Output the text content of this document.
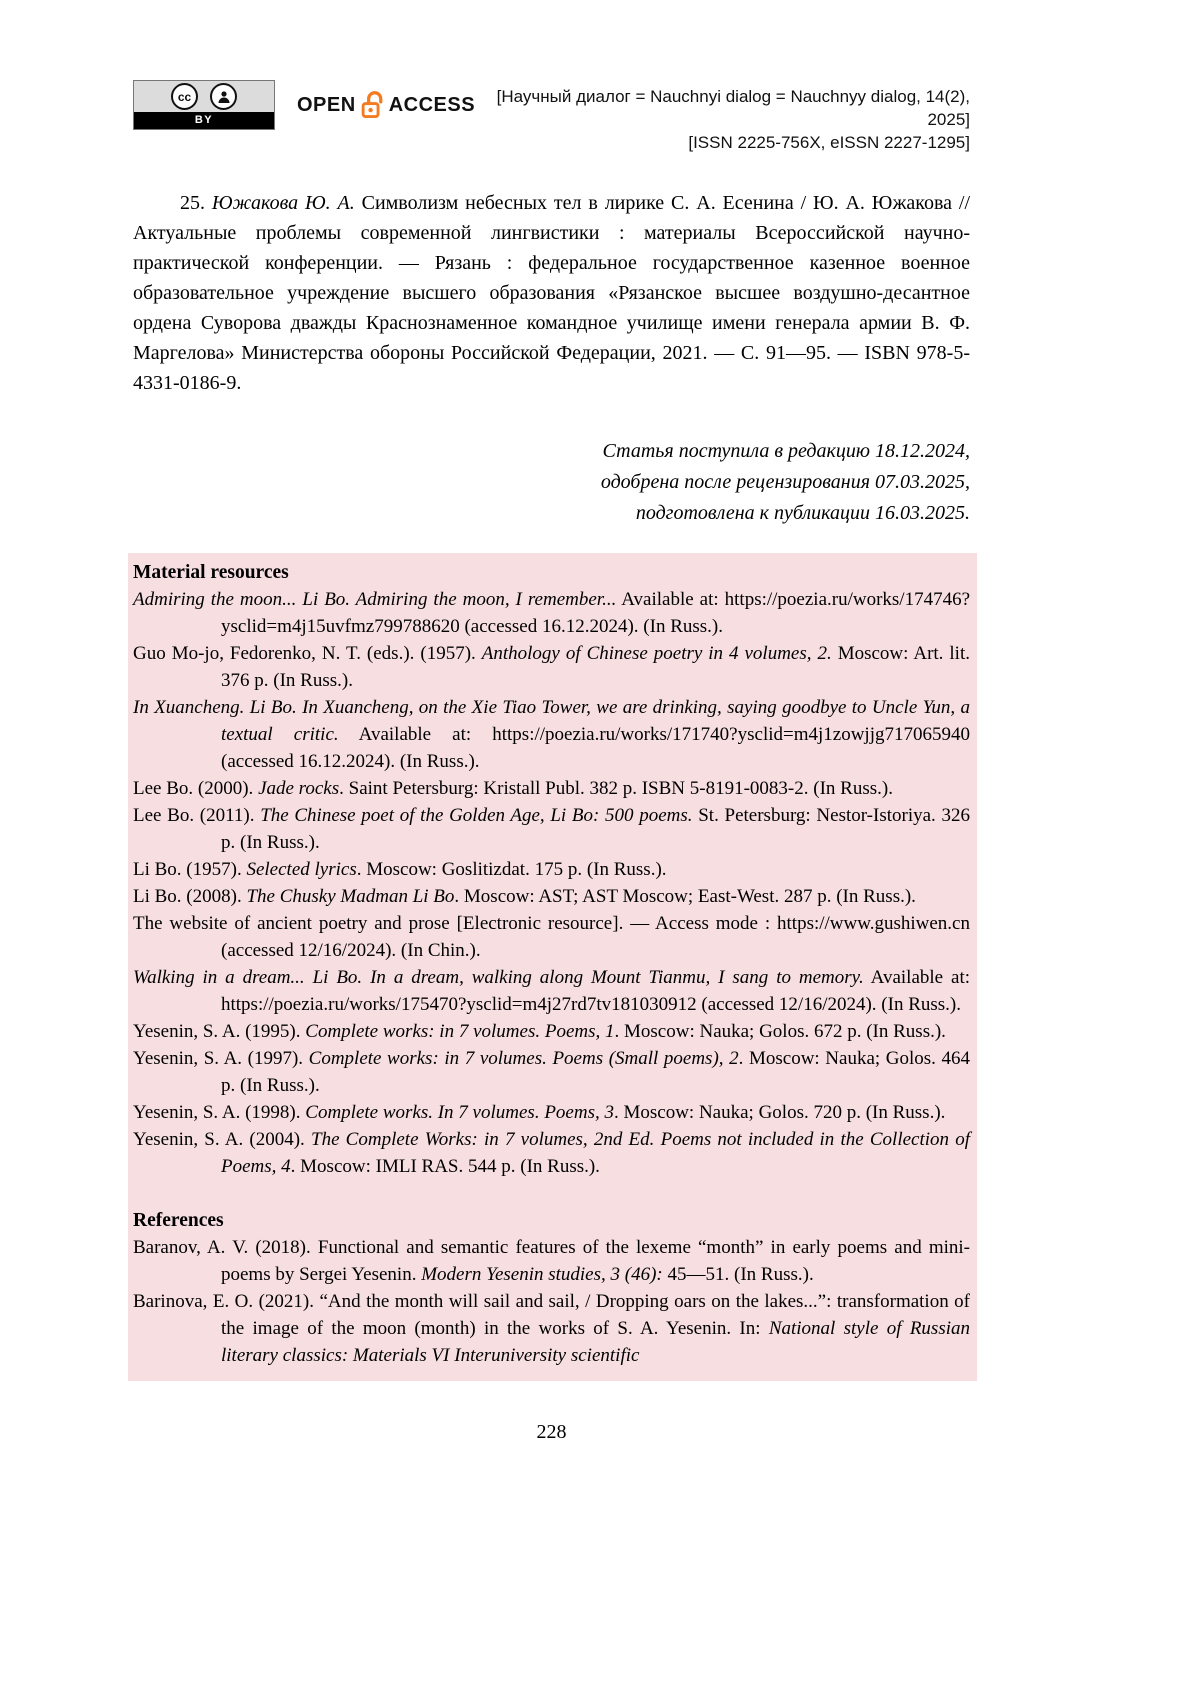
cc
BY
OPEN ACCESS	[Научный диалог = Nauchnyi dialog = Nauchnyy dialog, 14(2), 2025]
[ISSN 2225-756X, eISSN 2227-1295]

25. Южакова Ю. А. Символизм небесных тел в лирике С. А. Есенина / Ю. А. Южакова // Актуальные проблемы современной лингвистики : материалы Всероссийской научно-практической конференции. — Рязань : федеральное государственное казенное военное образовательное учреждение высшего образования «Рязанское высшее воздушно-десантное ордена Суворова дважды Краснознаменное командное училище имени генерала армии В. Ф. Маргелова» Министерства обороны Российской Федерации, 2021. — С. 91—95. — ISBN 978-5-4331-0186-9.

Статья поступила в редакцию 18.12.2024,
одобрена после рецензирования 07.03.2025,
подготовлена к публикации 16.03.2025.
Material resources

Admiring the moon... Li Bo. Admiring the moon, I remember... Available at: https://poezia.ru/works/174746?ysclid=m4j15uvfmz799788620 (accessed 16.12.2024). (In Russ.).

Guo Mo-jo, Fedorenko, N. T. (eds.). (1957). Anthology of Chinese poetry in 4 volumes, 2. Moscow: Art. lit. 376 p. (In Russ.).

In Xuancheng. Li Bo. In Xuancheng, on the Xie Tiao Tower, we are drinking, saying goodbye to Uncle Yun, a textual critic. Available at: https://poezia.ru/works/171740?ysclid=m4j1zowjjg717065940 (accessed 16.12.2024). (In Russ.).

Lee Bo. (2000). Jade rocks. Saint Petersburg: Kristall Publ. 382 p. ISBN 5-8191-0083-2. (In Russ.).

Lee Bo. (2011). The Chinese poet of the Golden Age, Li Bo: 500 poems. St. Petersburg: Nestor-Istoriya. 326 p. (In Russ.).

Li Bo. (1957). Selected lyrics. Moscow: Goslitizdat. 175 p. (In Russ.).

Li Bo. (2008). The Chusky Madman Li Bo. Moscow: AST; AST Moscow; East-West. 287 p. (In Russ.).

The website of ancient poetry and prose [Electronic resource]. — Access mode : https://www.gushiwen.cn (accessed 12/16/2024). (In Chin.).

Walking in a dream... Li Bo. In a dream, walking along Mount Tianmu, I sang to memory. Available at: https://poezia.ru/works/175470?ysclid=m4j27rd7tv181030912 (accessed 12/16/2024). (In Russ.).

Yesenin, S. A. (1995). Complete works: in 7 volumes. Poems, 1. Moscow: Nauka; Golos. 672 p. (In Russ.).

Yesenin, S. A. (1997). Complete works: in 7 volumes. Poems (Small poems), 2. Moscow: Nauka; Golos. 464 p. (In Russ.).

Yesenin, S. A. (1998). Complete works. In 7 volumes. Poems, 3. Moscow: Nauka; Golos. 720 p. (In Russ.).

Yesenin, S. A. (2004). The Complete Works: in 7 volumes, 2nd Ed. Poems not included in the Collection of Poems, 4. Moscow: IMLI RAS. 544 p. (In Russ.).

References

Baranov, A. V. (2018). Functional and semantic features of the lexeme “month” in early poems and mini-poems by Sergei Yesenin. Modern Yesenin studies, 3 (46): 45—51. (In Russ.).

Barinova, E. O. (2021). “And the month will sail and sail, / Dropping oars on the lakes...”: transformation of the image of the moon (month) in the works of S. A. Yesenin. In: National style of Russian literary classics: Materials VI Interuniversity scientific

228
